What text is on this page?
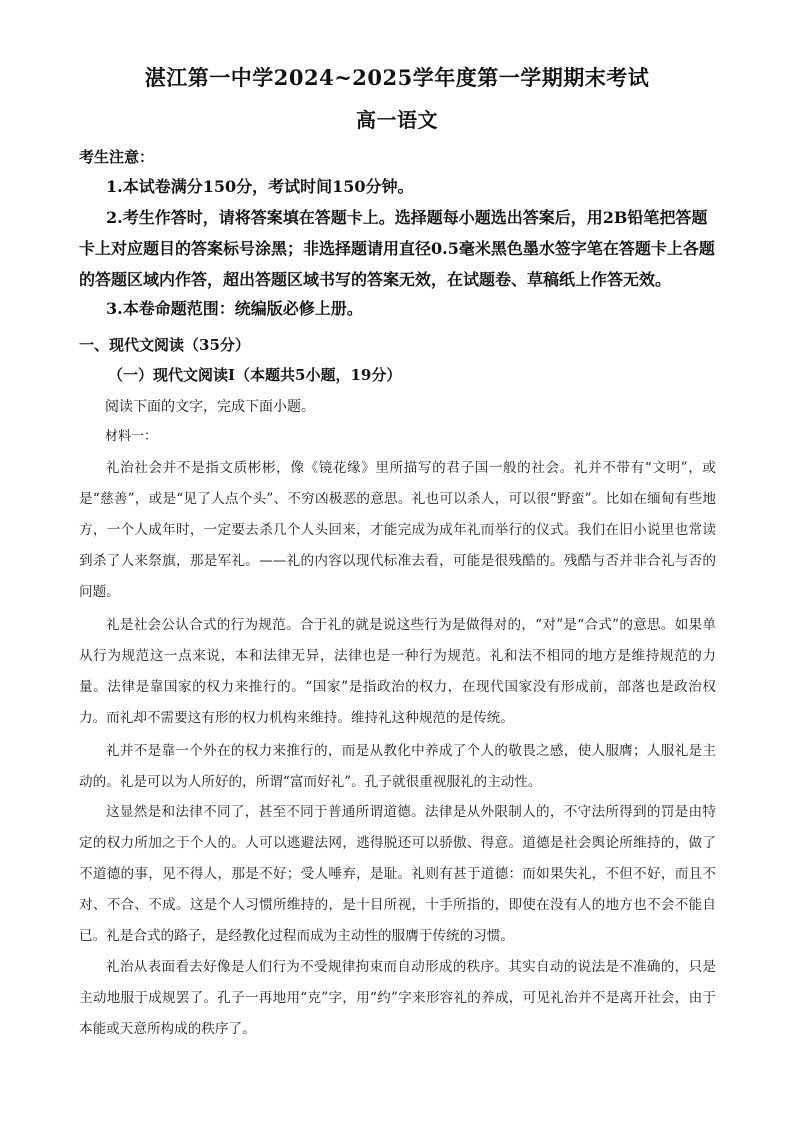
湛江第一中学2024~2025学年度第一学期期末考试
高一语文
考生注意：
1.本试卷满分150分，考试时间150分钟。
2.考生作答时，请将答案填在答题卡上。选择题每小题选出答案后，用2B铅笔把答题卡上对应题目的答案标号涂黑；非选择题请用直径0.5毫米黑色墨水签字笔在答题卡上各题的答题区域内作答，超出答题区域书写的答案无效，在试题卷、草稿纸上作答无效。
3.本卷命题范围：统编版必修上册。
一、现代文阅读（35分）
（一）现代文阅读Ⅰ（本题共5小题，19分）
阅读下面的文字，完成下面小题。
材料一：

礼治社会并不是指文质彬彬，像《镜花缘》里所描写的君子国一般的社会。礼并不带有“文明”，或是“慈善”，或是“见了人点个头”、不穷凶极恶的意思。礼也可以杀人，可以很“野蛮”。比如在缅甸有些地方，一个人成年时，一定要去杀几个人头回来，才能完成为成年礼而举行的仪式。我们在旧小说里也常读到杀了人来祭旗，那是军礼。——礼的内容以现代标准去看，可能是很残酷的。残酷与否并非合礼与否的问题。

礼是社会公认合式的行为规范。合于礼的就是说这些行为是做得对的，“对”是“合式”的意思。如果单从行为规范这一点来说，本和法律无异，法律也是一种行为规范。礼和法不相同的地方是维持规范的力量。法律是靠国家的权力来推行的。“国家”是指政治的权力，在现代国家没有形成前，部落也是政治权力。而礼却不需要这有形的权力机构来维持。维持礼这种规范的是传统。

礼并不是靠一个外在的权力来推行的，而是从教化中养成了个人的敬畏之感，使人服膺；人服礼是主动的。礼是可以为人所好的，所谓“富而好礼”。孔子就很重视服礼的主动性。

这显然是和法律不同了，甚至不同于普通所谓道德。法律是从外限制人的，不守法所得到的罚是由特定的权力所加之于个人的。人可以逃避法网，逃得脱还可以骄傲、得意。道德是社会舆论所维持的，做了不道德的事，见不得人，那是不好；受人唾弃，是耻。礼则有甚于道德：而如果失礼，不但不好，而且不对、不合、不成。这是个人习惯所维持的，是十目所视，十手所指的，即使在没有人的地方也不会不能自已。礼是合式的路子，是经教化过程而成为主动性的服膺于传统的习惯。

礼治从表面看去好像是人们行为不受规律拘束而自动形成的秩序。其实自动的说法是不准确的，只是主动地服于成规罢了。孔子一再地用“克”字，用“约”字来形容礼的养成，可见礼治并不是离开社会，由于本能或天意所构成的秩序了。
